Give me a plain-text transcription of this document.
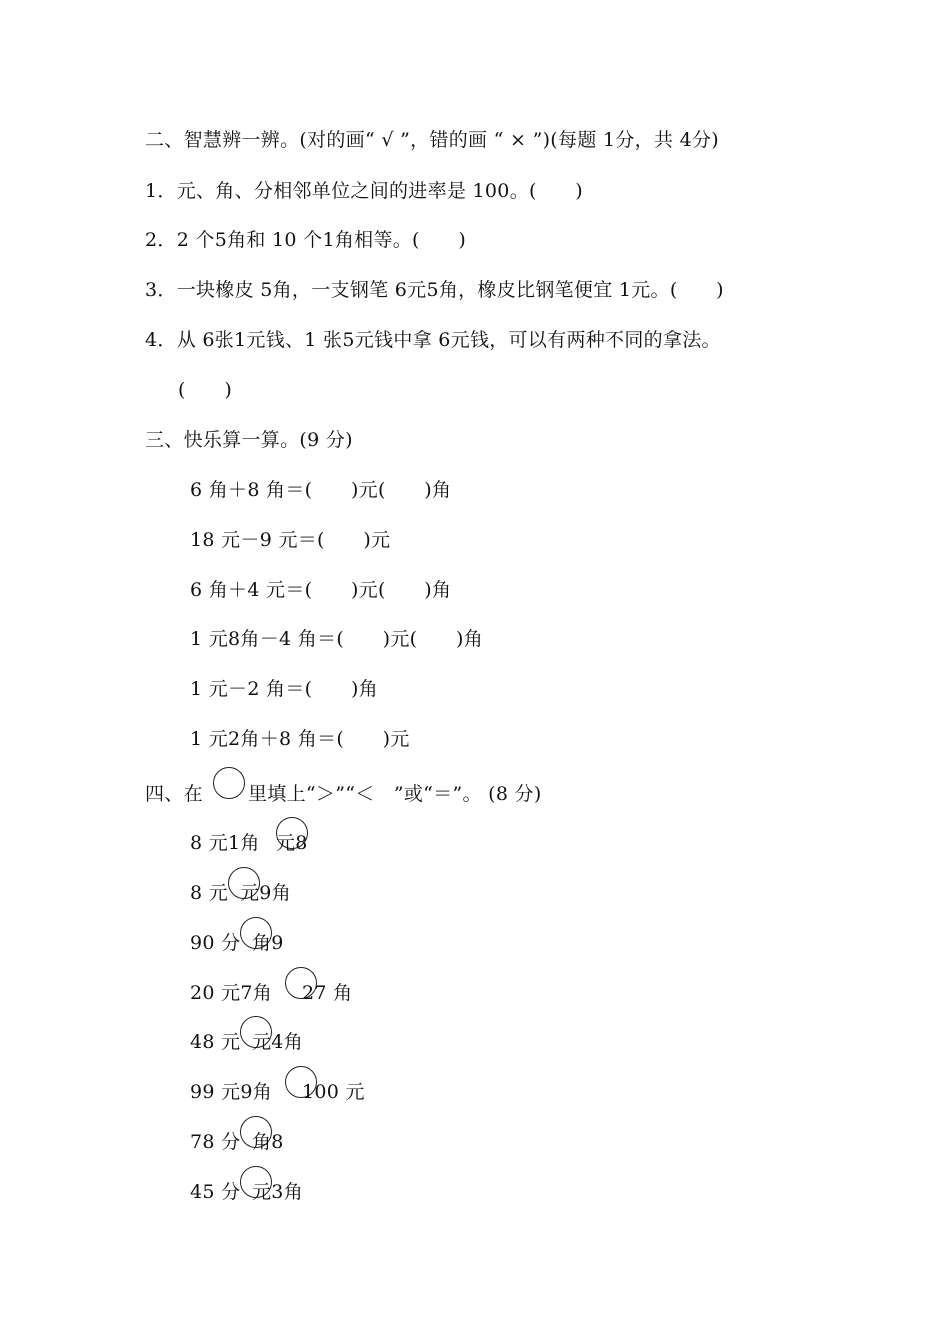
二、智慧辨一辨。(对的画“ √ ”，错的画 “ × ”)(每题 1分，共 4分)
1．元、角、分相邻单位之间的进率是 100。(　　)
2．2 个5角和 10 个1角相等。(　　)
3．一块橡皮 5角，一支钢笔 6元5角，橡皮比钢笔便宜 1元。(　　)
4．从 6张1元钱、1 张5元钱中拿 6元钱，可以有两种不同的拿法。
(　　)
三、快乐算一算。(9 分)
6 角＋8 角＝(　　)元(　　)角
18 元－9 元＝(　　)元
6 角＋4 元＝(　　)元(　　)角
1 元8角－4 角＝(　　)元(　　)角
1 元－2 角＝(　　)角
1 元2角＋8 角＝(　　)元
四、在 里填上“＞”“＜　”或“＝”。 (8 分)
8 元1角 元8
8 元 元9角
90 分 角9
20 元7角 27 角
48 元 元4角
99 元9角 100 元
78 分 角8
45 分 元3角
